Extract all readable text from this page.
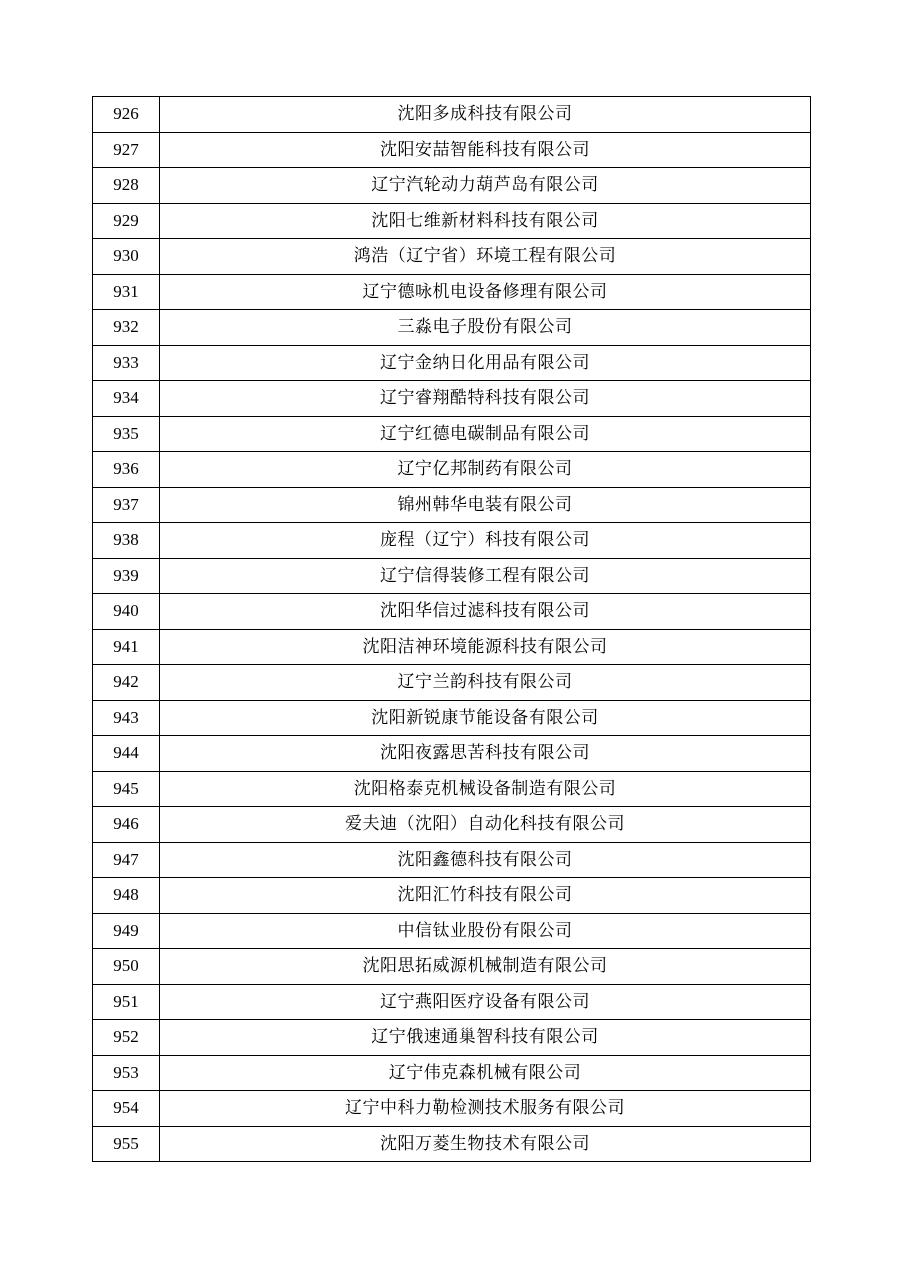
926	沈阳多成科技有限公司
927	沈阳安喆智能科技有限公司
928	辽宁汽轮动力葫芦岛有限公司
929	沈阳七维新材料科技有限公司
930	鸿浩（辽宁省）环境工程有限公司
931	辽宁德咏机电设备修理有限公司
932	三淼电子股份有限公司
933	辽宁金纳日化用品有限公司
934	辽宁睿翔酷特科技有限公司
935	辽宁红德电碳制品有限公司
936	辽宁亿邦制药有限公司
937	锦州韩华电装有限公司
938	庞程（辽宁）科技有限公司
939	辽宁信得装修工程有限公司
940	沈阳华信过滤科技有限公司
941	沈阳洁神环境能源科技有限公司
942	辽宁兰韵科技有限公司
943	沈阳新锐康节能设备有限公司
944	沈阳夜露思苦科技有限公司
945	沈阳格泰克机械设备制造有限公司
946	爱夫迪（沈阳）自动化科技有限公司
947	沈阳鑫德科技有限公司
948	沈阳汇竹科技有限公司
949	中信钛业股份有限公司
950	沈阳思拓威源机械制造有限公司
951	辽宁燕阳医疗设备有限公司
952	辽宁俄速通巢智科技有限公司
953	辽宁伟克森机械有限公司
954	辽宁中科力勒检测技术服务有限公司
955	沈阳万菱生物技术有限公司
